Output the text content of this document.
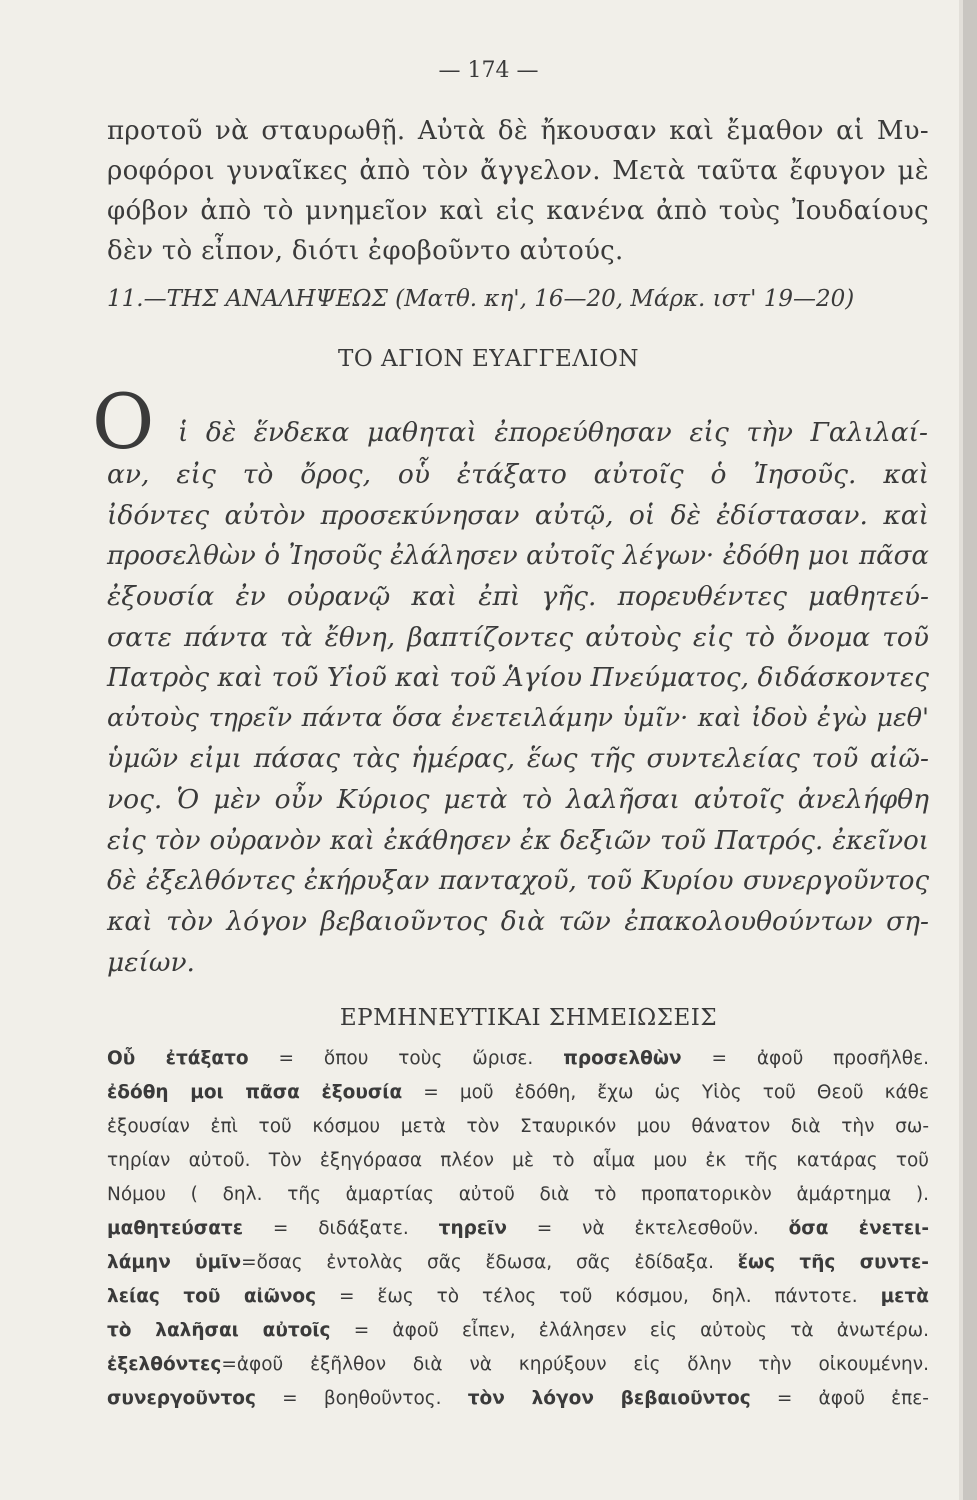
— 174 —
προτοῦ νὰ σταυρωθῇ. Αὐτὰ δὲ ἤκουσαν καὶ ἔμαθον αἱ Μυ-
ροφόροι γυναῖκες ἀπὸ τὸν ἄγγελον. Μετὰ ταῦτα ἔφυγον μὲ
φόβον ἀπὸ τὸ μνημεῖον καὶ εἰς κανένα ἀπὸ τοὺς Ἰουδαίους
δὲν τὸ εἶπον, διότι ἐφοβοῦντο αὐτούς.
11.—ΤΗΣ ΑΝΑΛΗΨΕΩΣ (Ματθ. κη', 16—20, Μάρκ. ιστ' 19—20)
ΤΟ ΑΓΙΟΝ ΕΥΑΓΓΕΛΙΟΝ
Ο ἱ δὲ ἕνδεκα μαθηταὶ ἐπορεύθησαν εἰς τὴν Γαλιλαί-
αν, εἰς τὸ ὄρος, οὗ ἐτάξατο αὐτοῖς ὁ Ἰησοῦς. καὶ
ἰδόντες αὐτὸν προσεκύνησαν αὐτῷ, οἱ δὲ ἐδίστασαν. καὶ
προσελθὼν ὁ Ἰησοῦς ἐλάλησεν αὐτοῖς λέγων· ἐδόθη μοι πᾶσα
ἐξουσία ἐν οὐρανῷ καὶ ἐπὶ γῆς. πορευθέντες μαθητεύ-
σατε πάντα τὰ ἔθνη, βαπτίζοντες αὐτοὺς εἰς τὸ ὄνομα τοῦ
Πατρὸς καὶ τοῦ Υἱοῦ καὶ τοῦ Ἁγίου Πνεύματος, διδάσκοντες
αὐτοὺς τηρεῖν πάντα ὅσα ἐνετειλάμην ὑμῖν· καὶ ἰδοὺ ἐγὼ μεθ'
ὑμῶν εἰμι πάσας τὰς ἡμέρας, ἕως τῆς συντελείας τοῦ αἰῶ-
νος. Ὁ μὲν οὖν Κύριος μετὰ τὸ λαλῆσαι αὐτοῖς ἀνελήφθη
εἰς τὸν οὐρανὸν καὶ ἐκάθησεν ἐκ δεξιῶν τοῦ Πατρός. ἐκεῖνοι
δὲ ἐξελθόντες ἐκήρυξαν πανταχοῦ, τοῦ Κυρίου συνεργοῦντος
καὶ τὸν λόγον βεβαιοῦντος διὰ τῶν ἐπακολουθούντων ση-
μείων.
ΕΡΜΗΝΕΥΤΙΚΑΙ ΣΗΜΕΙΩΣΕΙΣ
Οὗ ἐτάξατο = ὅπου τοὺς ὥρισε. προσελθὼν = ἀφοῦ προσῆλθε.
ἐδόθη μοι πᾶσα ἐξουσία = μοῦ ἐδόθη, ἔχω ὡς Υἱὸς τοῦ Θεοῦ κάθε
ἐξουσίαν ἐπὶ τοῦ κόσμου μετὰ τὸν Σταυρικόν μου θάνατον διὰ τὴν σω-
τηρίαν αὐτοῦ. Τὸν ἐξηγόρασα πλέον μὲ τὸ αἷμα μου ἐκ τῆς κατάρας τοῦ
Νόμου ( δηλ. τῆς ἁμαρτίας αὐτοῦ διὰ τὸ προπατορικὸν ἁμάρτημα ).
μαθητεύσατε = διδάξατε. τηρεῖν = νὰ ἐκτελεσθοῦν. ὅσα ἐνετει-
λάμην ὑμῖν=ὅσας ἐντολὰς σᾶς ἔδωσα, σᾶς ἐδίδαξα. ἕως τῆς συντε-
λείας τοῦ αἰῶνος = ἕως τὸ τέλος τοῦ κόσμου, δηλ. πάντοτε. μετὰ
τὸ λαλῆσαι αὐτοῖς = ἀφοῦ εἶπεν, ἐλάλησεν εἰς αὐτοὺς τὰ ἀνωτέρω.
ἐξελθόντες=ἀφοῦ ἐξῆλθον διὰ νὰ κηρύξουν εἰς ὅλην τὴν οἰκουμένην.
συνεργοῦντος = βοηθοῦντος. τὸν λόγον βεβαιοῦντος = ἀφοῦ ἐπε-
